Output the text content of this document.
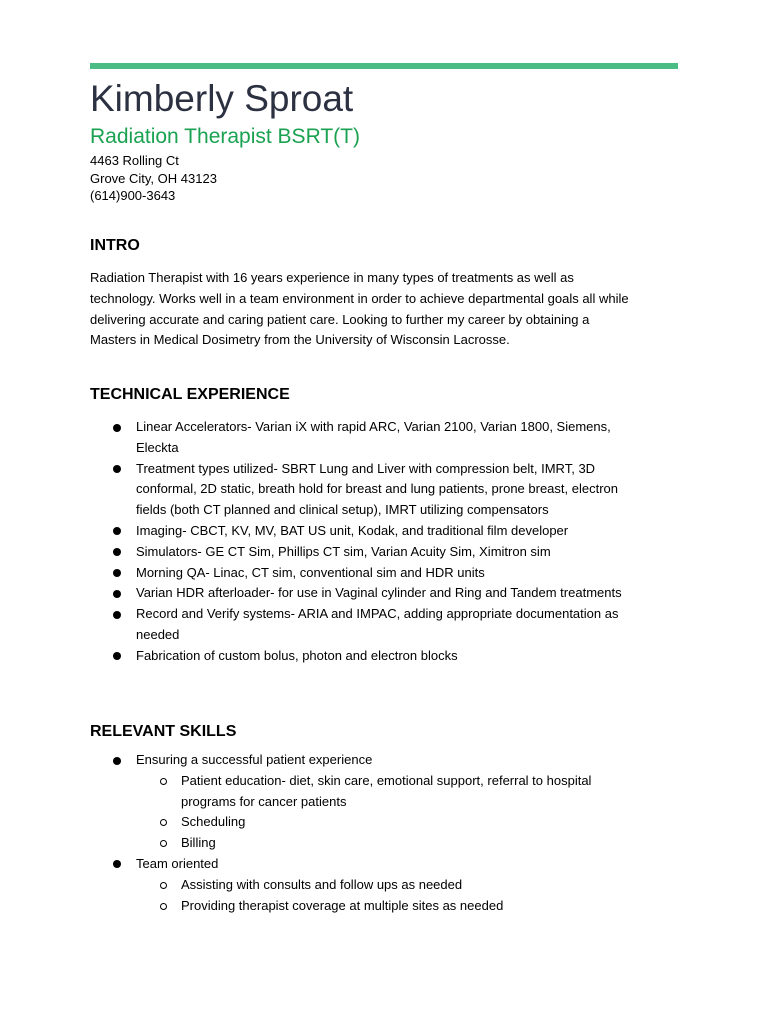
Kimberly Sproat
Radiation Therapist BSRT(T)
4463 Rolling Ct
Grove City, OH 43123
(614)900-3643
INTRO
Radiation Therapist with 16 years experience in many types of treatments as well as technology. Works well in a team environment in order to achieve departmental goals all while delivering accurate and caring patient care. Looking to further my career by obtaining a Masters in Medical Dosimetry from the University of Wisconsin Lacrosse.
TECHNICAL EXPERIENCE
Linear Accelerators- Varian iX with rapid ARC, Varian 2100, Varian 1800, Siemens, Eleckta
Treatment types utilized- SBRT Lung and Liver with compression belt, IMRT, 3D conformal, 2D static, breath hold for breast and lung patients, prone breast, electron fields (both CT planned and clinical setup), IMRT utilizing compensators
Imaging- CBCT, KV, MV, BAT US unit, Kodak, and traditional film developer
Simulators- GE CT Sim, Phillips CT sim, Varian Acuity Sim, Ximitron sim
Morning QA- Linac, CT sim, conventional sim and HDR units
Varian HDR afterloader- for use in Vaginal cylinder and Ring and Tandem treatments
Record and Verify systems- ARIA and IMPAC, adding appropriate documentation as needed
Fabrication of custom bolus, photon and electron blocks
RELEVANT SKILLS
Ensuring a successful patient experience
Patient education- diet, skin care, emotional support, referral to hospital programs for cancer patients
Scheduling
Billing
Team oriented
Assisting with consults and follow ups as needed
Providing therapist coverage at multiple sites as needed
